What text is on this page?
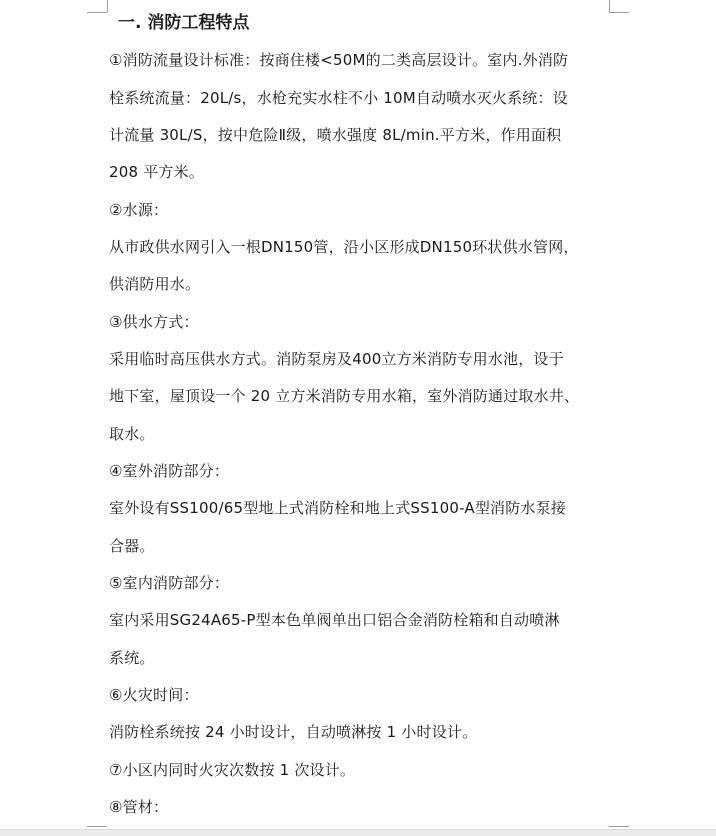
一. 消防工程特点
①消防流量设计标准：按商住楼<50M的二类高层设计。室内.外消防
栓系统流量：20L/s，水枪充实水柱不小 10M自动喷水灭火系统：设
计流量 30L/S，按中危险Ⅱ级，喷水强度 8L/min.平方米，作用面积
208 平方米。
②水源：
从市政供水网引入一根DN150管，沿小区形成DN150环状供水管网，
供消防用水。
③供水方式：
采用临时高压供水方式。消防泵房及400立方米消防专用水池，设于
地下室，屋顶设一个 20 立方米消防专用水箱，室外消防通过取水井、
取水。
④室外消防部分：
室外设有SS100/65型地上式消防栓和地上式SS100-A型消防水泵接
合器。
⑤室内消防部分：
室内采用SG24A65-P型本色单阀单出口铝合金消防栓箱和自动喷淋
系统。
⑥火灾时间：
消防栓系统按 24 小时设计，自动喷淋按 1 小时设计。
⑦小区内同时火灾次数按 1 次设计。
⑧管材：
